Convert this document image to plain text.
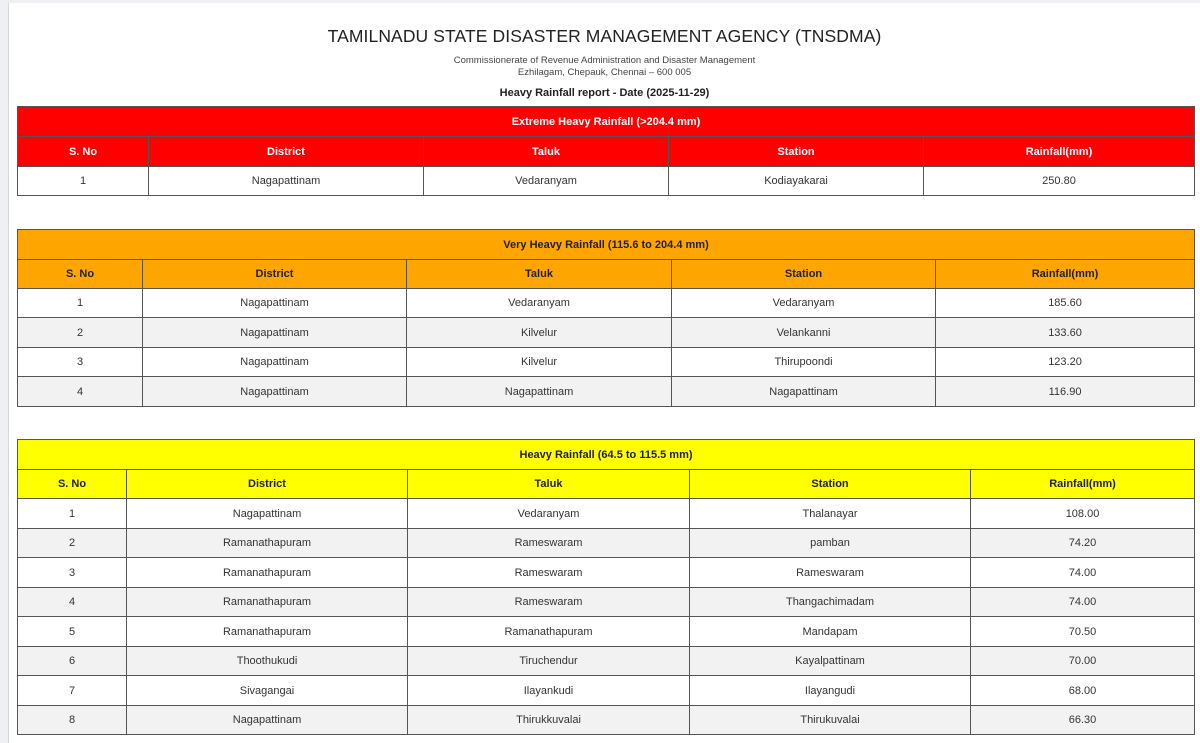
TAMILNADU STATE DISASTER MANAGEMENT AGENCY (TNSDMA)
Commissionerate of Revenue Administration and Disaster Management
Ezhilagam, Chepauk, Chennai – 600 005
Heavy Rainfall report - Date (2025-11-29)
Extreme Heavy Rainfall (>204.4 mm)				
S. No	District	Taluk	Station	Rainfall(mm)
1	Nagapattinam	Vedaranyam	Kodiayakarai	250.80
Very Heavy Rainfall (115.6 to 204.4 mm)				
S. No	District	Taluk	Station	Rainfall(mm)
1	Nagapattinam	Vedaranyam	Vedaranyam	185.60
2	Nagapattinam	Kilvelur	Velankanni	133.60
3	Nagapattinam	Kilvelur	Thirupoondi	123.20
4	Nagapattinam	Nagapattinam	Nagapattinam	116.90
Heavy Rainfall (64.5 to 115.5 mm)				
S. No	District	Taluk	Station	Rainfall(mm)
1	Nagapattinam	Vedaranyam	Thalanayar	108.00
2	Ramanathapuram	Rameswaram	pamban	74.20
3	Ramanathapuram	Rameswaram	Rameswaram	74.00
4	Ramanathapuram	Rameswaram	Thangachimadam	74.00
5	Ramanathapuram	Ramanathapuram	Mandapam	70.50
6	Thoothukudi	Tiruchendur	Kayalpattinam	70.00
7	Sivagangai	Ilayankudi	Ilayangudi	68.00
8	Nagapattinam	Thirukkuvalai	Thirukuvalai	66.30
